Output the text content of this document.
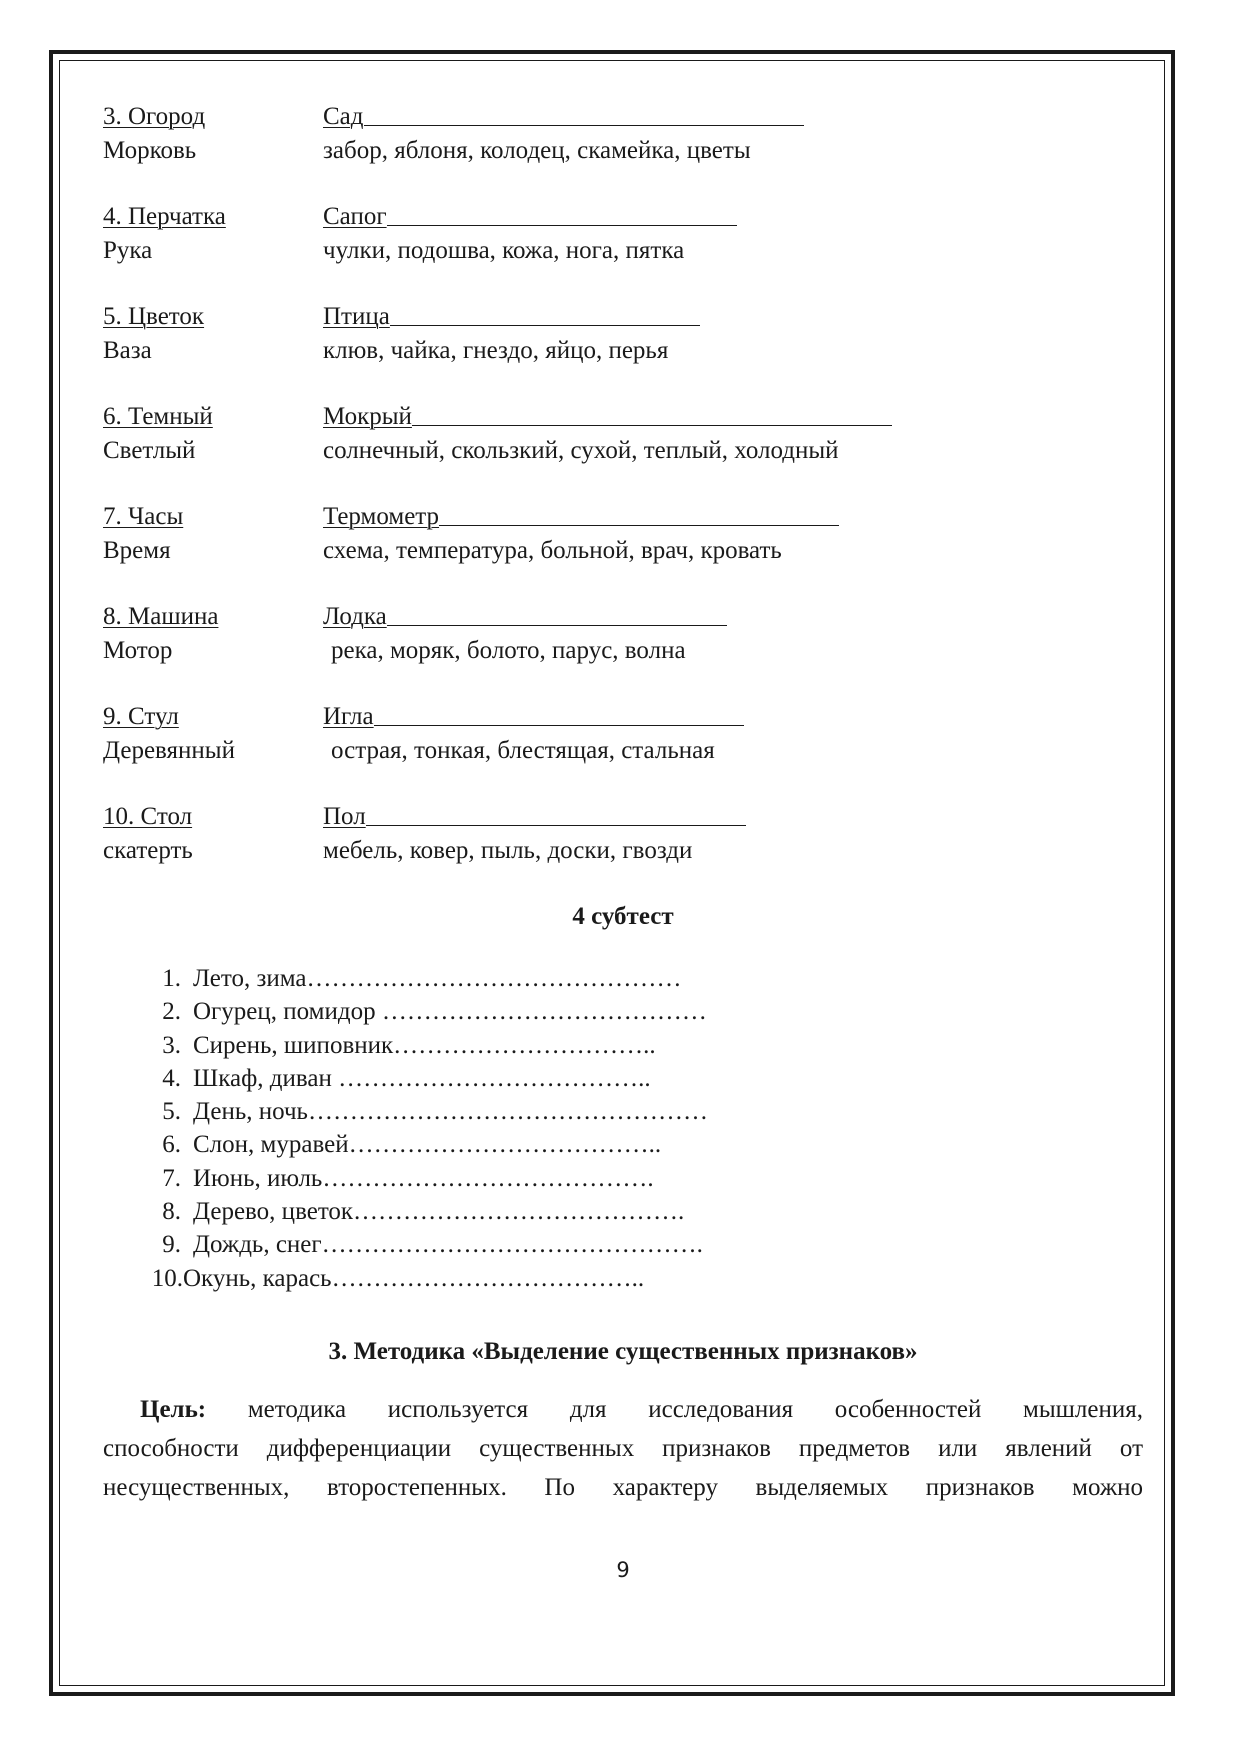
3. Огород	Сад
Морковь	забор, яблоня, колодец, скамейка, цветы
4. Перчатка	Сапог
Рука	чулки, подошва, кожа, нога, пятка
5. Цветок	Птица
Ваза	клюв, чайка, гнездо, яйцо, перья
6. Темный	Мокрый
Светлый	солнечный, скользкий, сухой, теплый, холодный
7. Часы	Термометр
Время	схема, температура, больной, врач, кровать
8. Машина	Лодка
Мотор	река, моряк, болото, парус, волна
9. Стул	Игла
Деревянный	острая, тонкая, блестящая, стальная
10. Стол	Пол
скатерть	мебель, ковер, пыль, доски, гвозди
4 субтест
1. Лето, зима………………………………………
2. Огурец, помидор …………………………………
3. Сирень, шиповник…………………………..
4. Шкаф, диван ………………………………..
5. День, ночь…………………………………………
6. Слон, муравей………………………………..
7. Июнь, июль………………………………….
8. Дерево, цветок………………………………….
9. Дождь, снег……………………………………….
10.Окунь, карась………………………………..
3. Методика «Выделение существенных признаков»
Цель: методика используется для исследования особенностей мышления,
способности дифференциации существенных признаков предметов или явлений от
несущественных, второстепенных. По характеру выделяемых признаков можно
9
